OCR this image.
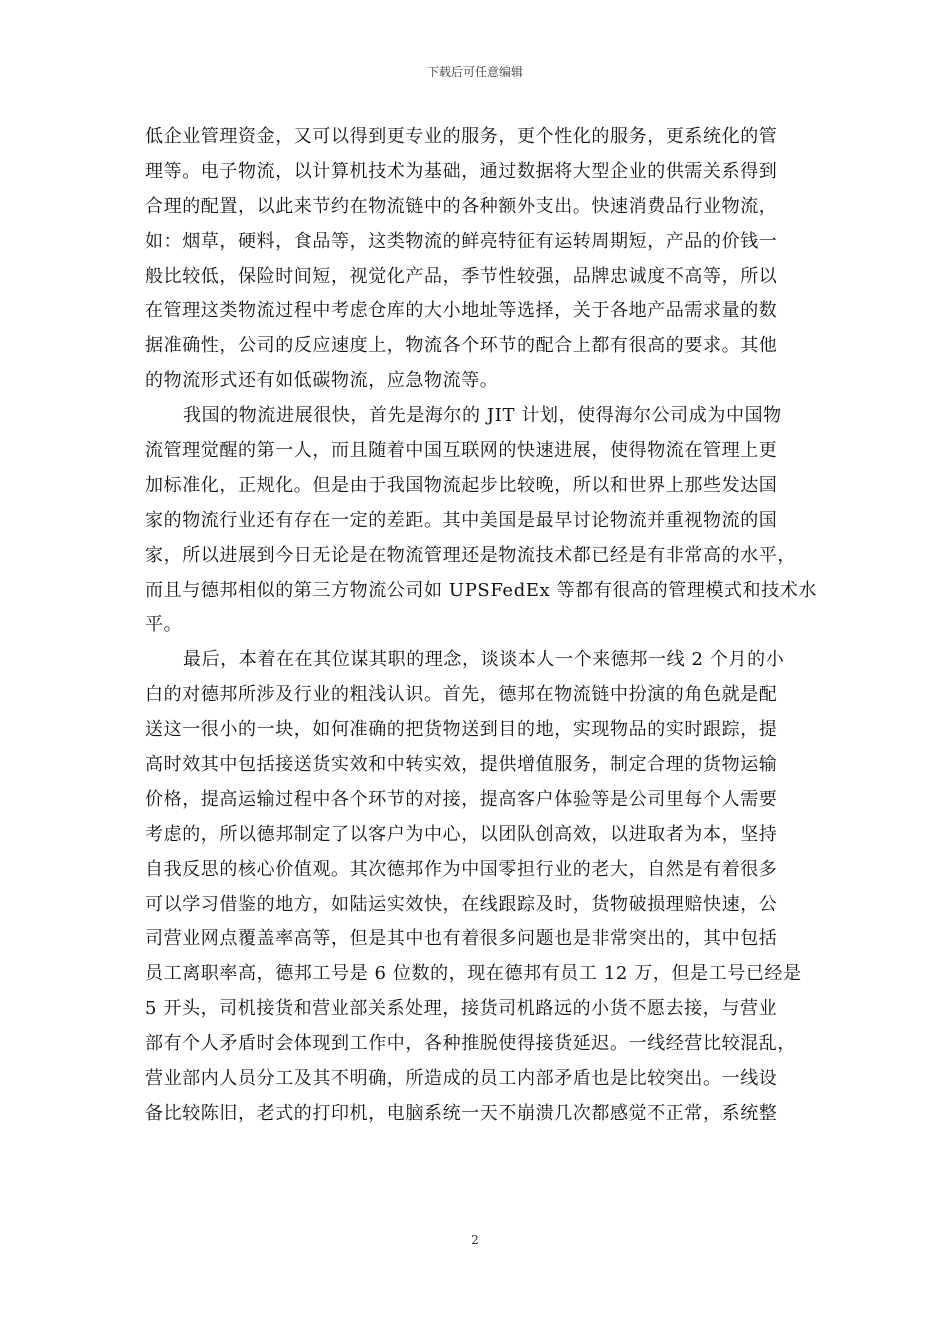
下载后可任意编辑
低企业管理资金，又可以得到更专业的服务，更个性化的服务，更系统化的管
理等。电子物流，以计算机技术为基础，通过数据将大型企业的供需关系得到
合理的配置，以此来节约在物流链中的各种额外支出。快速消费品行业物流，
如：烟草，硬料，食品等，这类物流的鲜亮特征有运转周期短，产品的价钱一
般比较低，保险时间短，视觉化产品，季节性较强，品牌忠诚度不高等，所以
在管理这类物流过程中考虑仓库的大小地址等选择，关于各地产品需求量的数
据准确性，公司的反应速度上，物流各个环节的配合上都有很高的要求。其他
的物流形式还有如低碳物流，应急物流等。
我国的物流进展很快，首先是海尔的 JIT 计划，使得海尔公司成为中国物
流管理觉醒的第一人，而且随着中国互联网的快速进展，使得物流在管理上更
加标准化，正规化。但是由于我国物流起步比较晚，所以和世界上那些发达国
家的物流行业还有存在一定的差距。其中美国是最早讨论物流并重视物流的国
家，所以进展到今日无论是在物流管理还是物流技术都已经是有非常高的水平，
而且与德邦相似的第三方物流公司如 UPSFedEx 等都有很高的管理模式和技术水
平。
最后，本着在在其位谋其职的理念，谈谈本人一个来德邦一线 2 个月的小
白的对德邦所涉及行业的粗浅认识。首先，德邦在物流链中扮演的角色就是配
送这一很小的一块，如何准确的把货物送到目的地，实现物品的实时跟踪，提
高时效其中包括接送货实效和中转实效，提供增值服务，制定合理的货物运输
价格，提高运输过程中各个环节的对接，提高客户体验等是公司里每个人需要
考虑的，所以德邦制定了以客户为中心，以团队创高效，以进取者为本，坚持
自我反思的核心价值观。其次德邦作为中国零担行业的老大，自然是有着很多
可以学习借鉴的地方，如陆运实效快，在线跟踪及时，货物破损理赔快速，公
司营业网点覆盖率高等，但是其中也有着很多问题也是非常突出的，其中包括
员工离职率高，德邦工号是 6 位数的，现在德邦有员工 12 万，但是工号已经是
5 开头，司机接货和营业部关系处理，接货司机路远的小货不愿去接，与营业
部有个人矛盾时会体现到工作中，各种推脱使得接货延迟。一线经营比较混乱，
营业部内人员分工及其不明确，所造成的员工内部矛盾也是比较突出。一线设
备比较陈旧，老式的打印机，电脑系统一天不崩溃几次都感觉不正常，系统整
2
